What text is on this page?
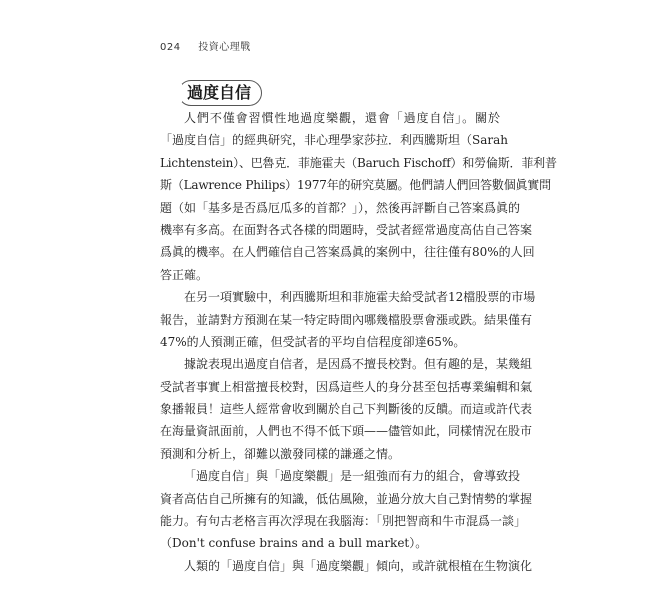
024 投資心理戰
過度自信
人們不僅會習慣性地過度樂觀，還會「過度自信」。關於
「過度自信」的經典研究，非心理學家莎拉．利西騰斯坦（Sarah
Lichtenstein）、巴魯克．菲施霍夫（Baruch Fischoff）和勞倫斯．菲利普
斯（Lawrence Philips）1977年的研究莫屬。他們請人們回答數個眞實問
題（如「基多是否爲厄瓜多的首都？」），然後再評斷自己答案爲眞的
機率有多高。在面對各式各樣的問題時，受試者經常過度高估自己答案
爲眞的機率。在人們確信自己答案爲眞的案例中，往往僅有80%的人回
答正確。
在另一項實驗中，利西騰斯坦和菲施霍夫給受試者12檔股票的市場
報告，並請對方預測在某一特定時間內哪幾檔股票會漲或跌。結果僅有
47%的人預測正確，但受試者的平均自信程度卻達65%。
據說表現出過度自信者，是因爲不擅長校對。但有趣的是，某幾組
受試者事實上相當擅長校對，因爲這些人的身分甚至包括專業編輯和氣
象播報員！這些人經常會收到關於自己下判斷後的反饋。而這或許代表
在海量資訊面前，人們也不得不低下頭——儘管如此，同樣情況在股市
預測和分析上，卻難以激發同樣的謙遜之情。
「過度自信」與「過度樂觀」是一組強而有力的組合，會導致投
資者高估自己所擁有的知識，低估風險，並過分放大自己對情勢的掌握
能力。有句古老格言再次浮現在我腦海：「別把智商和牛市混爲一談」
（Don't confuse brains and a bull market）。
人類的「過度自信」與「過度樂觀」傾向，或許就根植在生物演化
